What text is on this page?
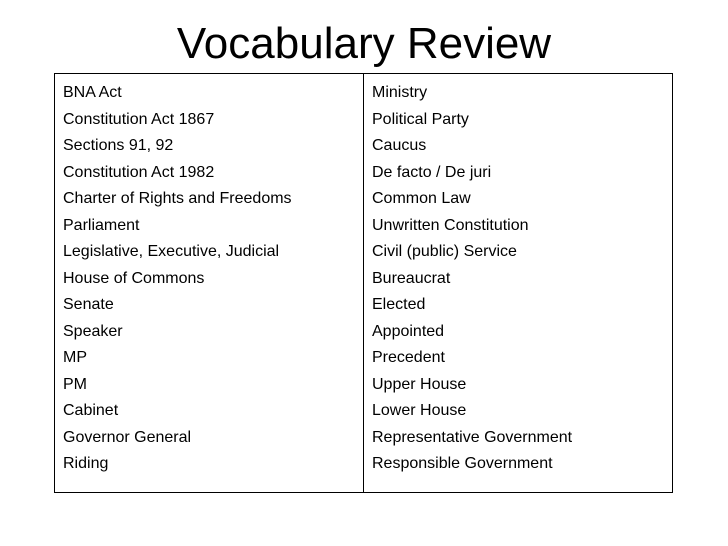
Vocabulary Review
BNA Act
Constitution Act 1867
Sections 91, 92
Constitution Act 1982
Charter of Rights and Freedoms
Parliament
Legislative, Executive, Judicial
House of Commons
Senate
Speaker
MP
PM
Cabinet
Governor General
Riding
Ministry
Political Party
Caucus
De facto / De juri
Common Law
Unwritten Constitution
Civil (public) Service
Bureaucrat
Elected
Appointed
Precedent
Upper House
Lower House
Representative Government
Responsible Government
